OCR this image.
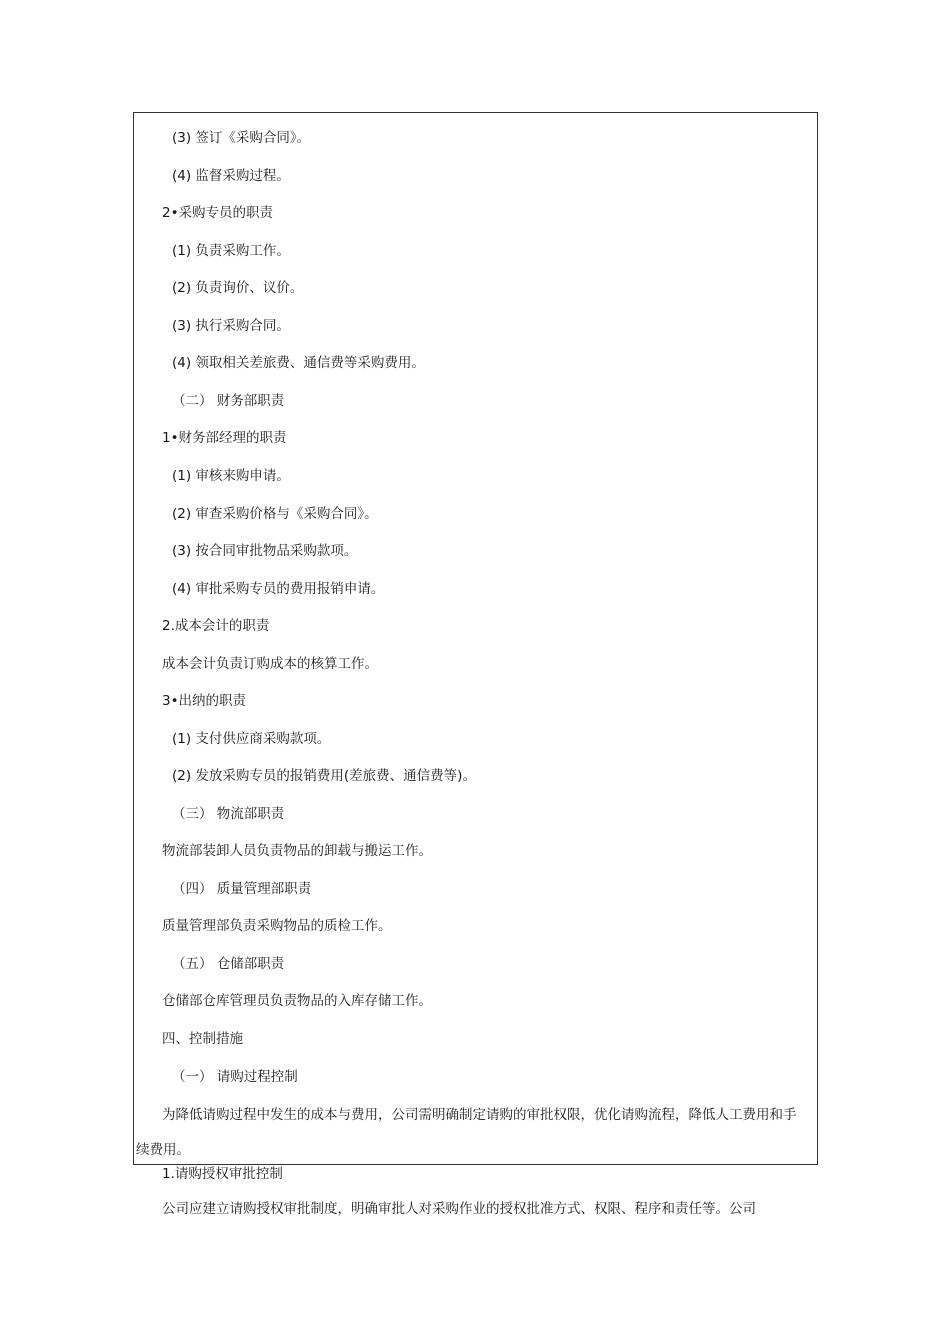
(3) 签订《采购合同》。
(4) 监督采购过程。
2•采购专员的职责
(1) 负责采购工作。
(2) 负责询价、议价。
(3) 执行采购合同。
(4) 领取相关差旅费、通信费等采购费用。
（二） 财务部职责
1•财务部经理的职责
(1) 审核来购申请。
(2) 审查采购价格与《采购合同》。
(3) 按合同审批物品采购款项。
(4) 审批采购专员的费用报销申请。
2.成本会计的职责
成本会计负责订购成本的核算工作。
3•出纳的职责
(1) 支付供应商采购款项。
(2) 发放采购专员的报销费用(差旅费、通信费等)。
（三） 物流部职责
物流部装卸人员负责物品的卸载与搬运工作。
（四） 质量管理部职责
质量管理部负责采购物品的质检工作。
（五） 仓储部职责
仓储部仓库管理员负责物品的入库存储工作。
四、控制措施
（一） 请购过程控制
为降低请购过程中发生的成本与费用，公司需明确制定请购的审批权限，优化请购流程，降低人工费用和手
续费用。
1.请购授权审批控制
公司应建立请购授权审批制度，明确审批人对采购作业的授权批准方式、权限、程序和责任等。公司
